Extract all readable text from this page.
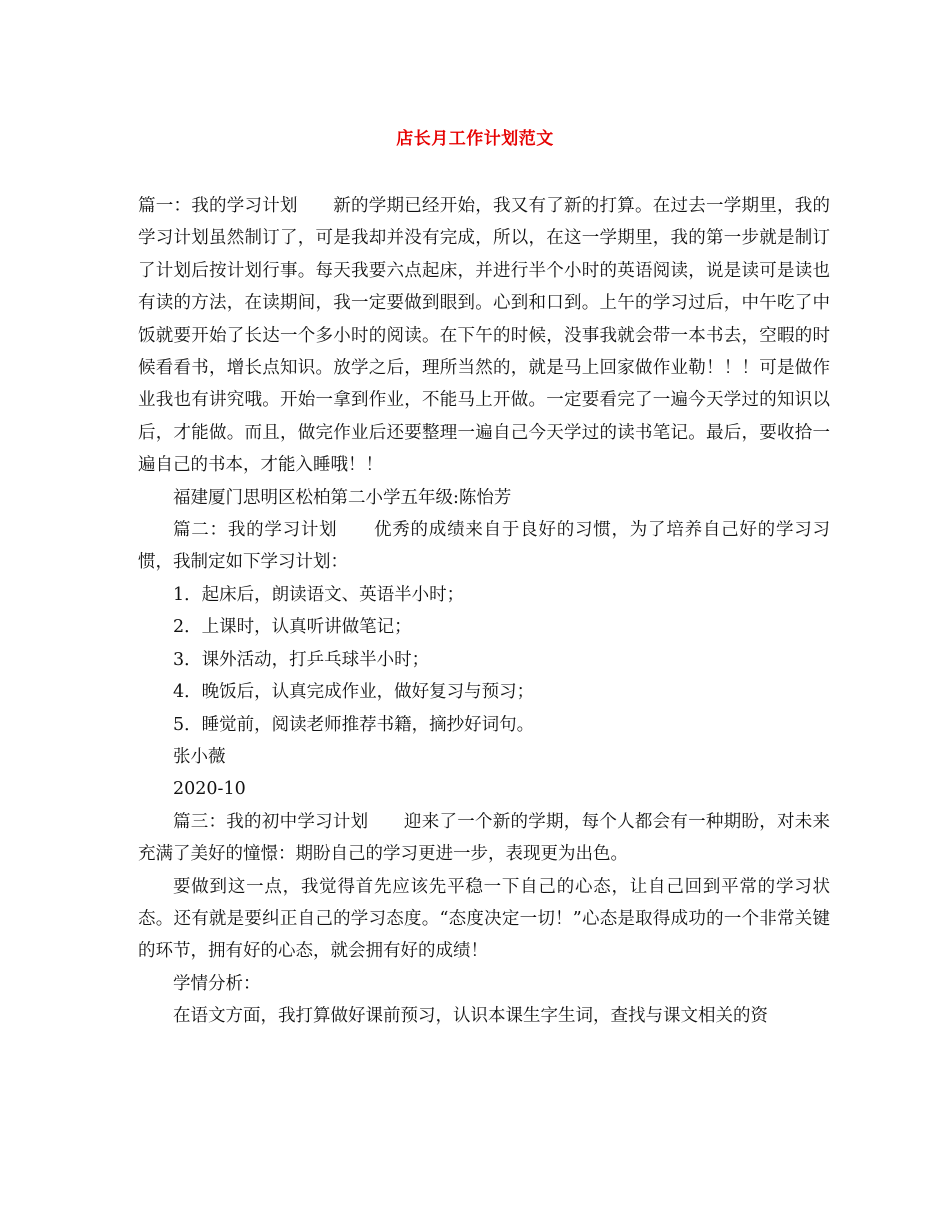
店长月工作计划范文

篇一：我的学习计划　　新的学期已经开始，我又有了新的打算。在过去一学期里，我的学习计划虽然制订了，可是我却并没有完成，所以，在这一学期里，我的第一步就是制订了计划后按计划行事。每天我要六点起床，并进行半个小时的英语阅读，说是读可是读也有读的方法，在读期间，我一定要做到眼到。心到和口到。上午的学习过后，中午吃了中饭就要开始了长达一个多小时的阅读。在下午的时候，没事我就会带一本书去，空暇的时候看看书，增长点知识。放学之后，理所当然的，就是马上回家做作业勒！！！可是做作业我也有讲究哦。开始一拿到作业，不能马上开做。一定要看完了一遍今天学过的知识以后，才能做。而且，做完作业后还要整理一遍自己今天学过的读书笔记。最后，要收拾一遍自己的书本，才能入睡哦！！

福建厦门思明区松柏第二小学五年级:陈怡芳

篇二：我的学习计划　　优秀的成绩来自于良好的习惯，为了培养自己好的学习习惯，我制定如下学习计划：

1．起床后，朗读语文、英语半小时；

2．上课时，认真听讲做笔记；

3．课外活动，打乒乓球半小时；

4．晚饭后，认真完成作业，做好复习与预习；

5．睡觉前，阅读老师推荐书籍，摘抄好词句。

张小薇

2020-10

篇三：我的初中学习计划　　迎来了一个新的学期，每个人都会有一种期盼，对未来充满了美好的憧憬：期盼自己的学习更进一步，表现更为出色。

要做到这一点，我觉得首先应该先平稳一下自己的心态，让自己回到平常的学习状态。还有就是要纠正自己的学习态度。“态度决定一切！”心态是取得成功的一个非常关键的环节，拥有好的心态，就会拥有好的成绩！

学情分析：

在语文方面，我打算做好课前预习，认识本课生字生词，查找与课文相关的资
